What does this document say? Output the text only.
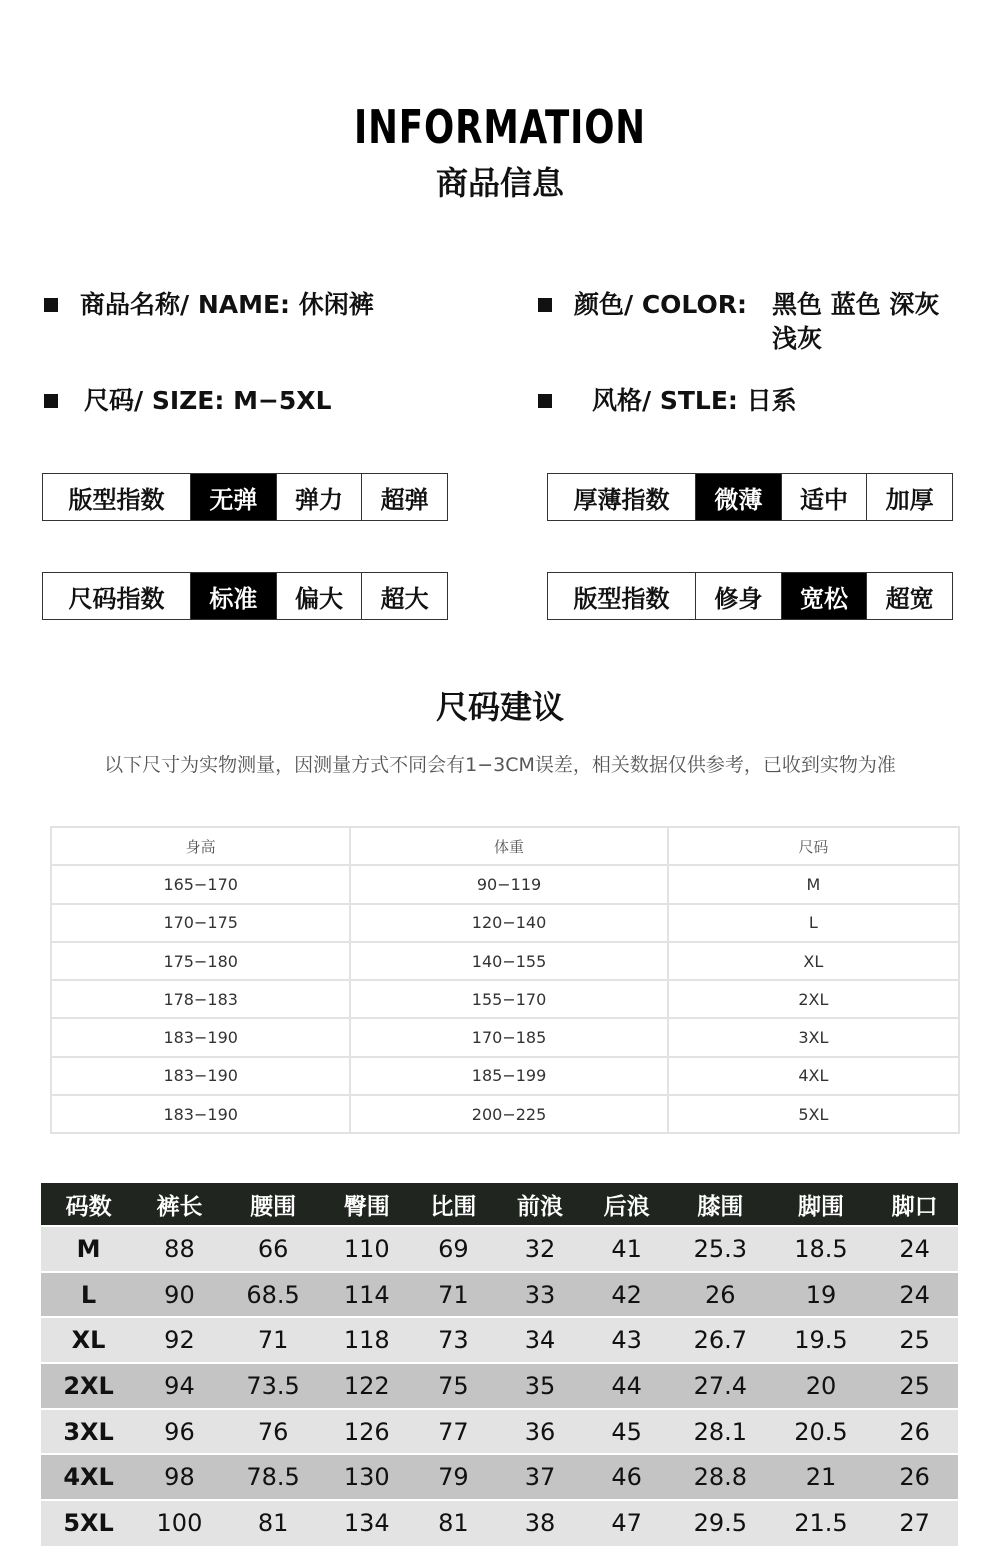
INFORMATION
商品信息
商品名称/ NAME: 休闲裤	颜色/ COLOR: 黑色 蓝色 深灰
浅灰
尺码/ SIZE: M−5XL	风格/ STLE: 日系
版型指数	无弹	弹力	超弹	厚薄指数	微薄	适中	加厚
尺码指数	标准	偏大	超大	版型指数	修身	宽松	超宽
尺码建议
以下尺寸为实物测量，因测量方式不同会有1−3CM误差，相关数据仅供参考，已收到实物为准
身高	体重	尺码
165−170	90−119	M
170−175	120−140	L
175−180	140−155	XL
178−183	155−170	2XL
183−190	170−185	3XL
183−190	185−199	4XL
183−190	200−225	5XL
码数	裤长	腰围	臀围	比围	前浪	后浪	膝围	脚围	脚口
M	88	66	110	69	32	41	25.3	18.5	24
L	90	68.5	114	71	33	42	26	19	24
XL	92	71	118	73	34	43	26.7	19.5	25
2XL	94	73.5	122	75	35	44	27.4	20	25
3XL	96	76	126	77	36	45	28.1	20.5	26
4XL	98	78.5	130	79	37	46	28.8	21	26
5XL	100	81	134	81	38	47	29.5	21.5	27
